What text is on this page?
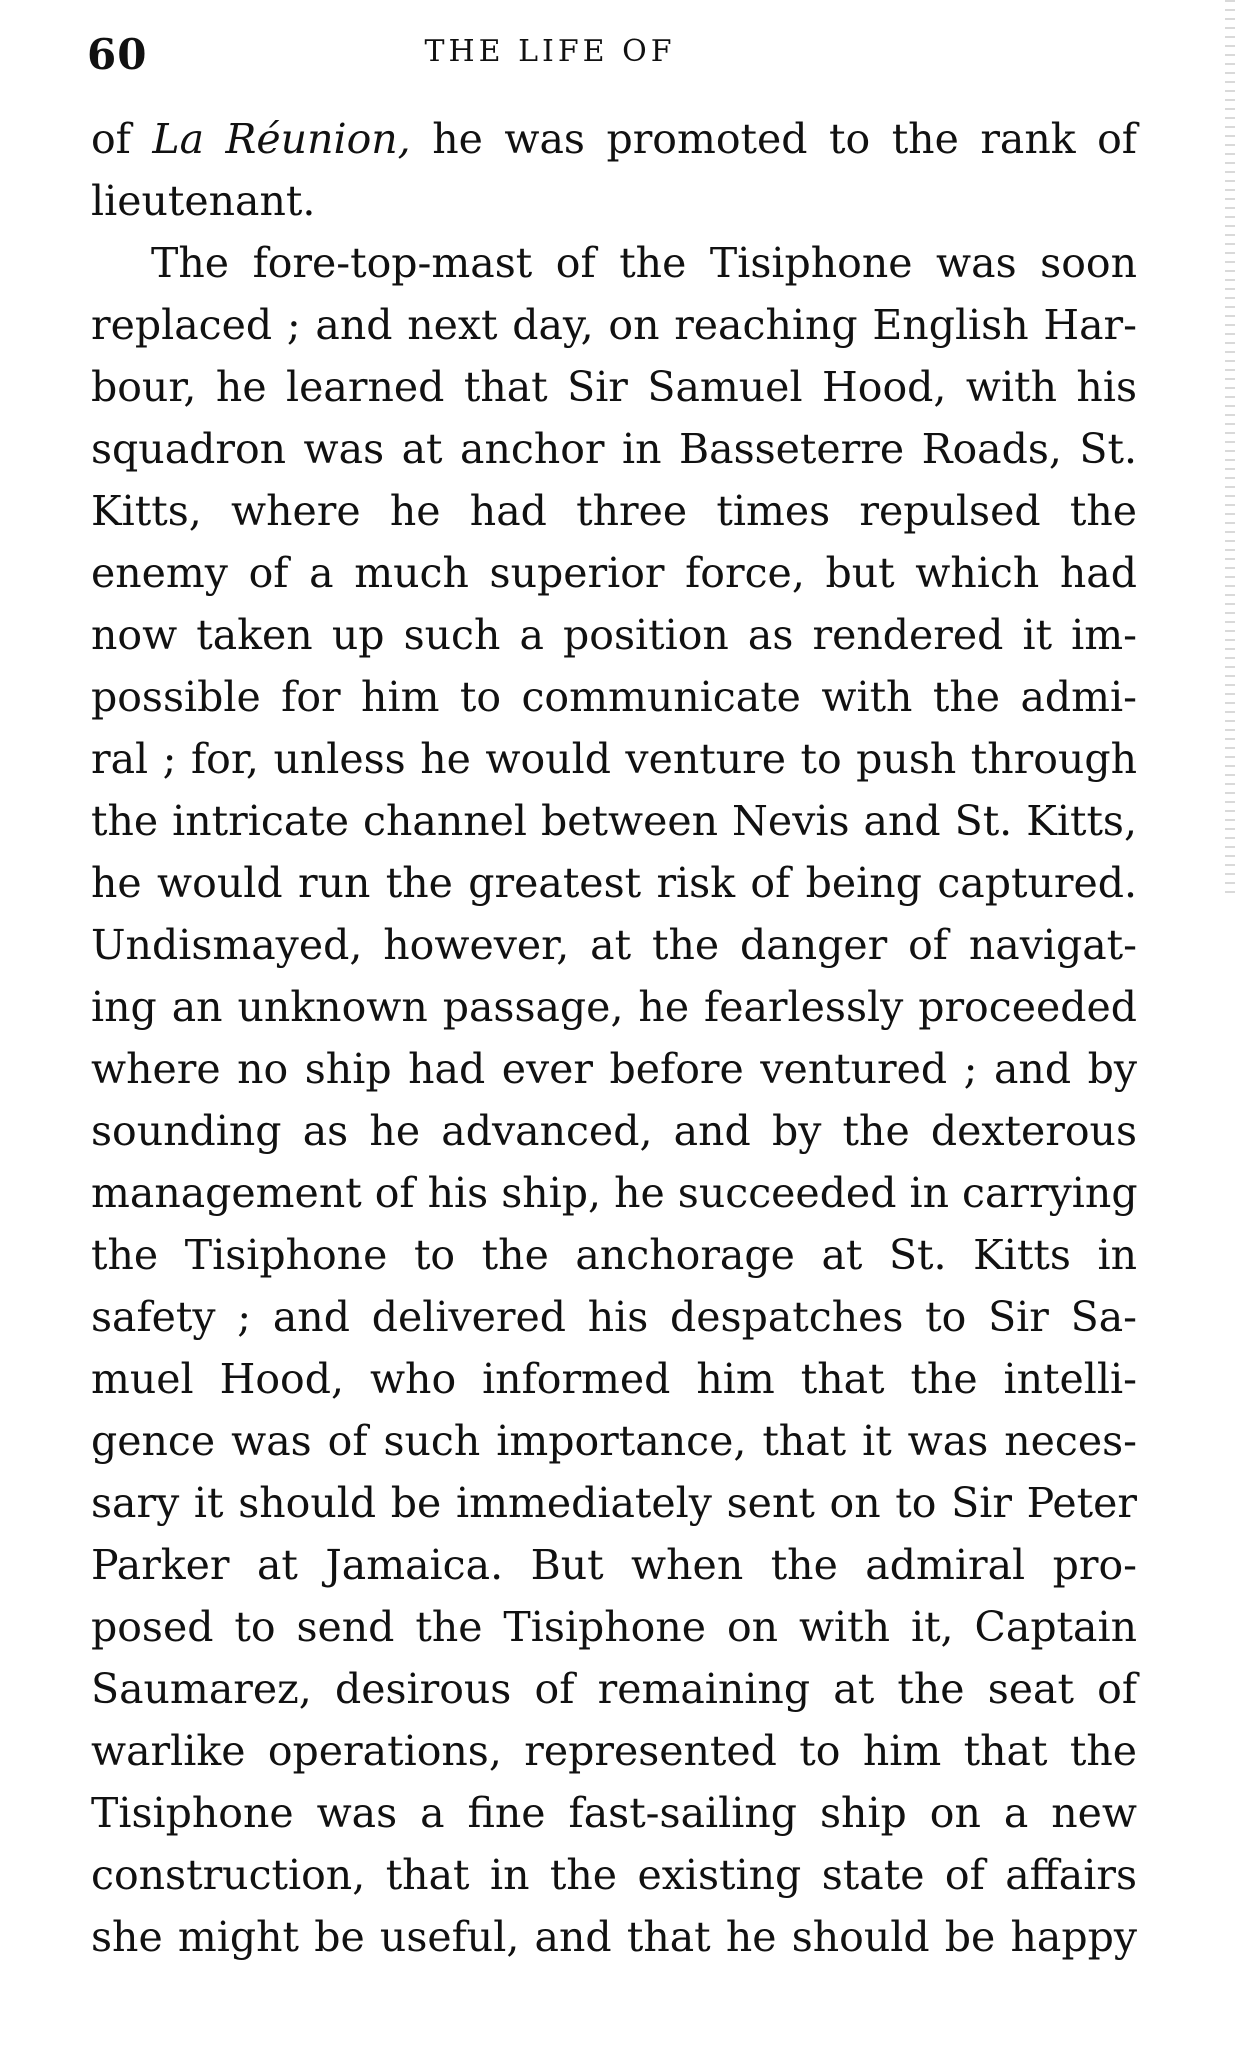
60	THE LIFE OF
of La Réunion, he was promoted to the rank of
lieutenant.
The fore-top-mast of the Tisiphone was soon
replaced ; and next day, on reaching English Har-
bour, he learned that Sir Samuel Hood, with his
squadron was at anchor in Basseterre Roads, St.
Kitts, where he had three times repulsed the
enemy of a much superior force, but which had
now taken up such a position as rendered it im-
possible for him to communicate with the admi-
ral ; for, unless he would venture to push through
the intricate channel between Nevis and St. Kitts,
he would run the greatest risk of being captured.
Undismayed, however, at the danger of navigat-
ing an unknown passage, he fearlessly proceeded
where no ship had ever before ventured ; and by
sounding as he advanced, and by the dexterous
management of his ship, he succeeded in carrying
the Tisiphone to the anchorage at St. Kitts in
safety ; and delivered his despatches to Sir Sa-
muel Hood, who informed him that the intelli-
gence was of such importance, that it was neces-
sary it should be immediately sent on to Sir Peter
Parker at Jamaica. But when the admiral pro-
posed to send the Tisiphone on with it, Captain
Saumarez, desirous of remaining at the seat of
warlike operations, represented to him that the
Tisiphone was a fine fast-sailing ship on a new
construction, that in the existing state of affairs
she might be useful, and that he should be happy
